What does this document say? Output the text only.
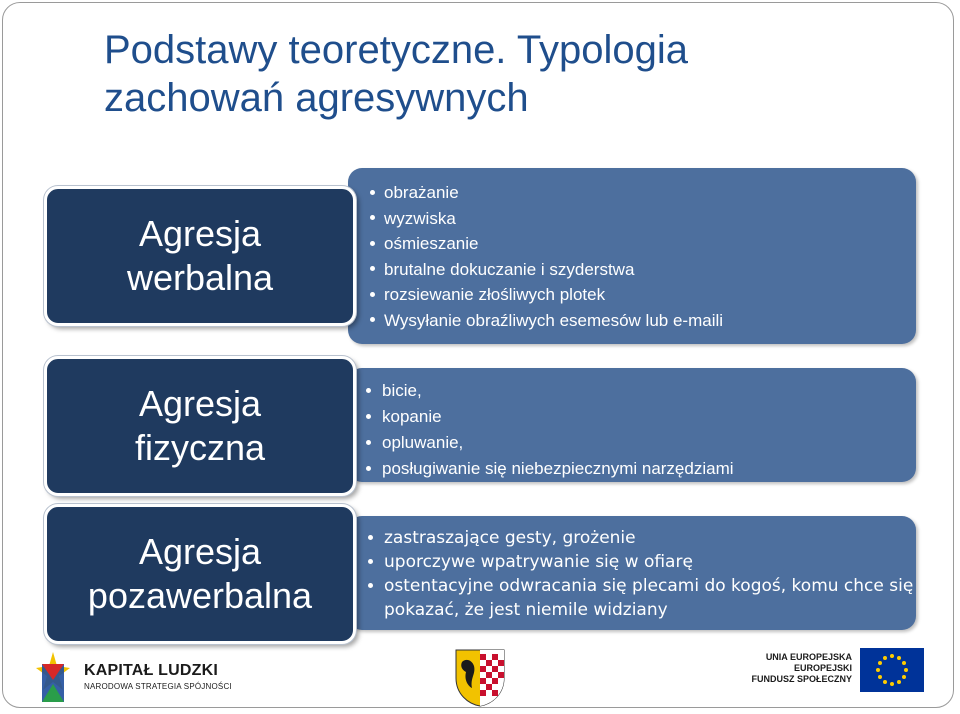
Podstawy teoretyczne. Typologia
zachowań agresywnych
obrażanie
wyzwiska
ośmieszanie
brutalne dokuczanie i szyderstwa
rozsiewanie złośliwych plotek
Wysyłanie obraźliwych esemesów lub e-maili
Agresja
werbalna
bicie,
kopanie
opluwanie,
posługiwanie się niebezpiecznymi narzędziami
Agresja
fizyczna
zastraszające gesty, grożenie
uporczywe wpatrywanie się w ofiarę
ostentacyjne odwracania się plecami do kogoś, komu chce się pokazać, że jest niemile widziany
Agresja
pozawerbalna
KAPITAŁ LUDZKI
NARODOWA STRATEGIA SPÓJNOŚCI
UNIA EUROPEJSKA
EUROPEJSKI
FUNDUSZ SPOŁECZNY
